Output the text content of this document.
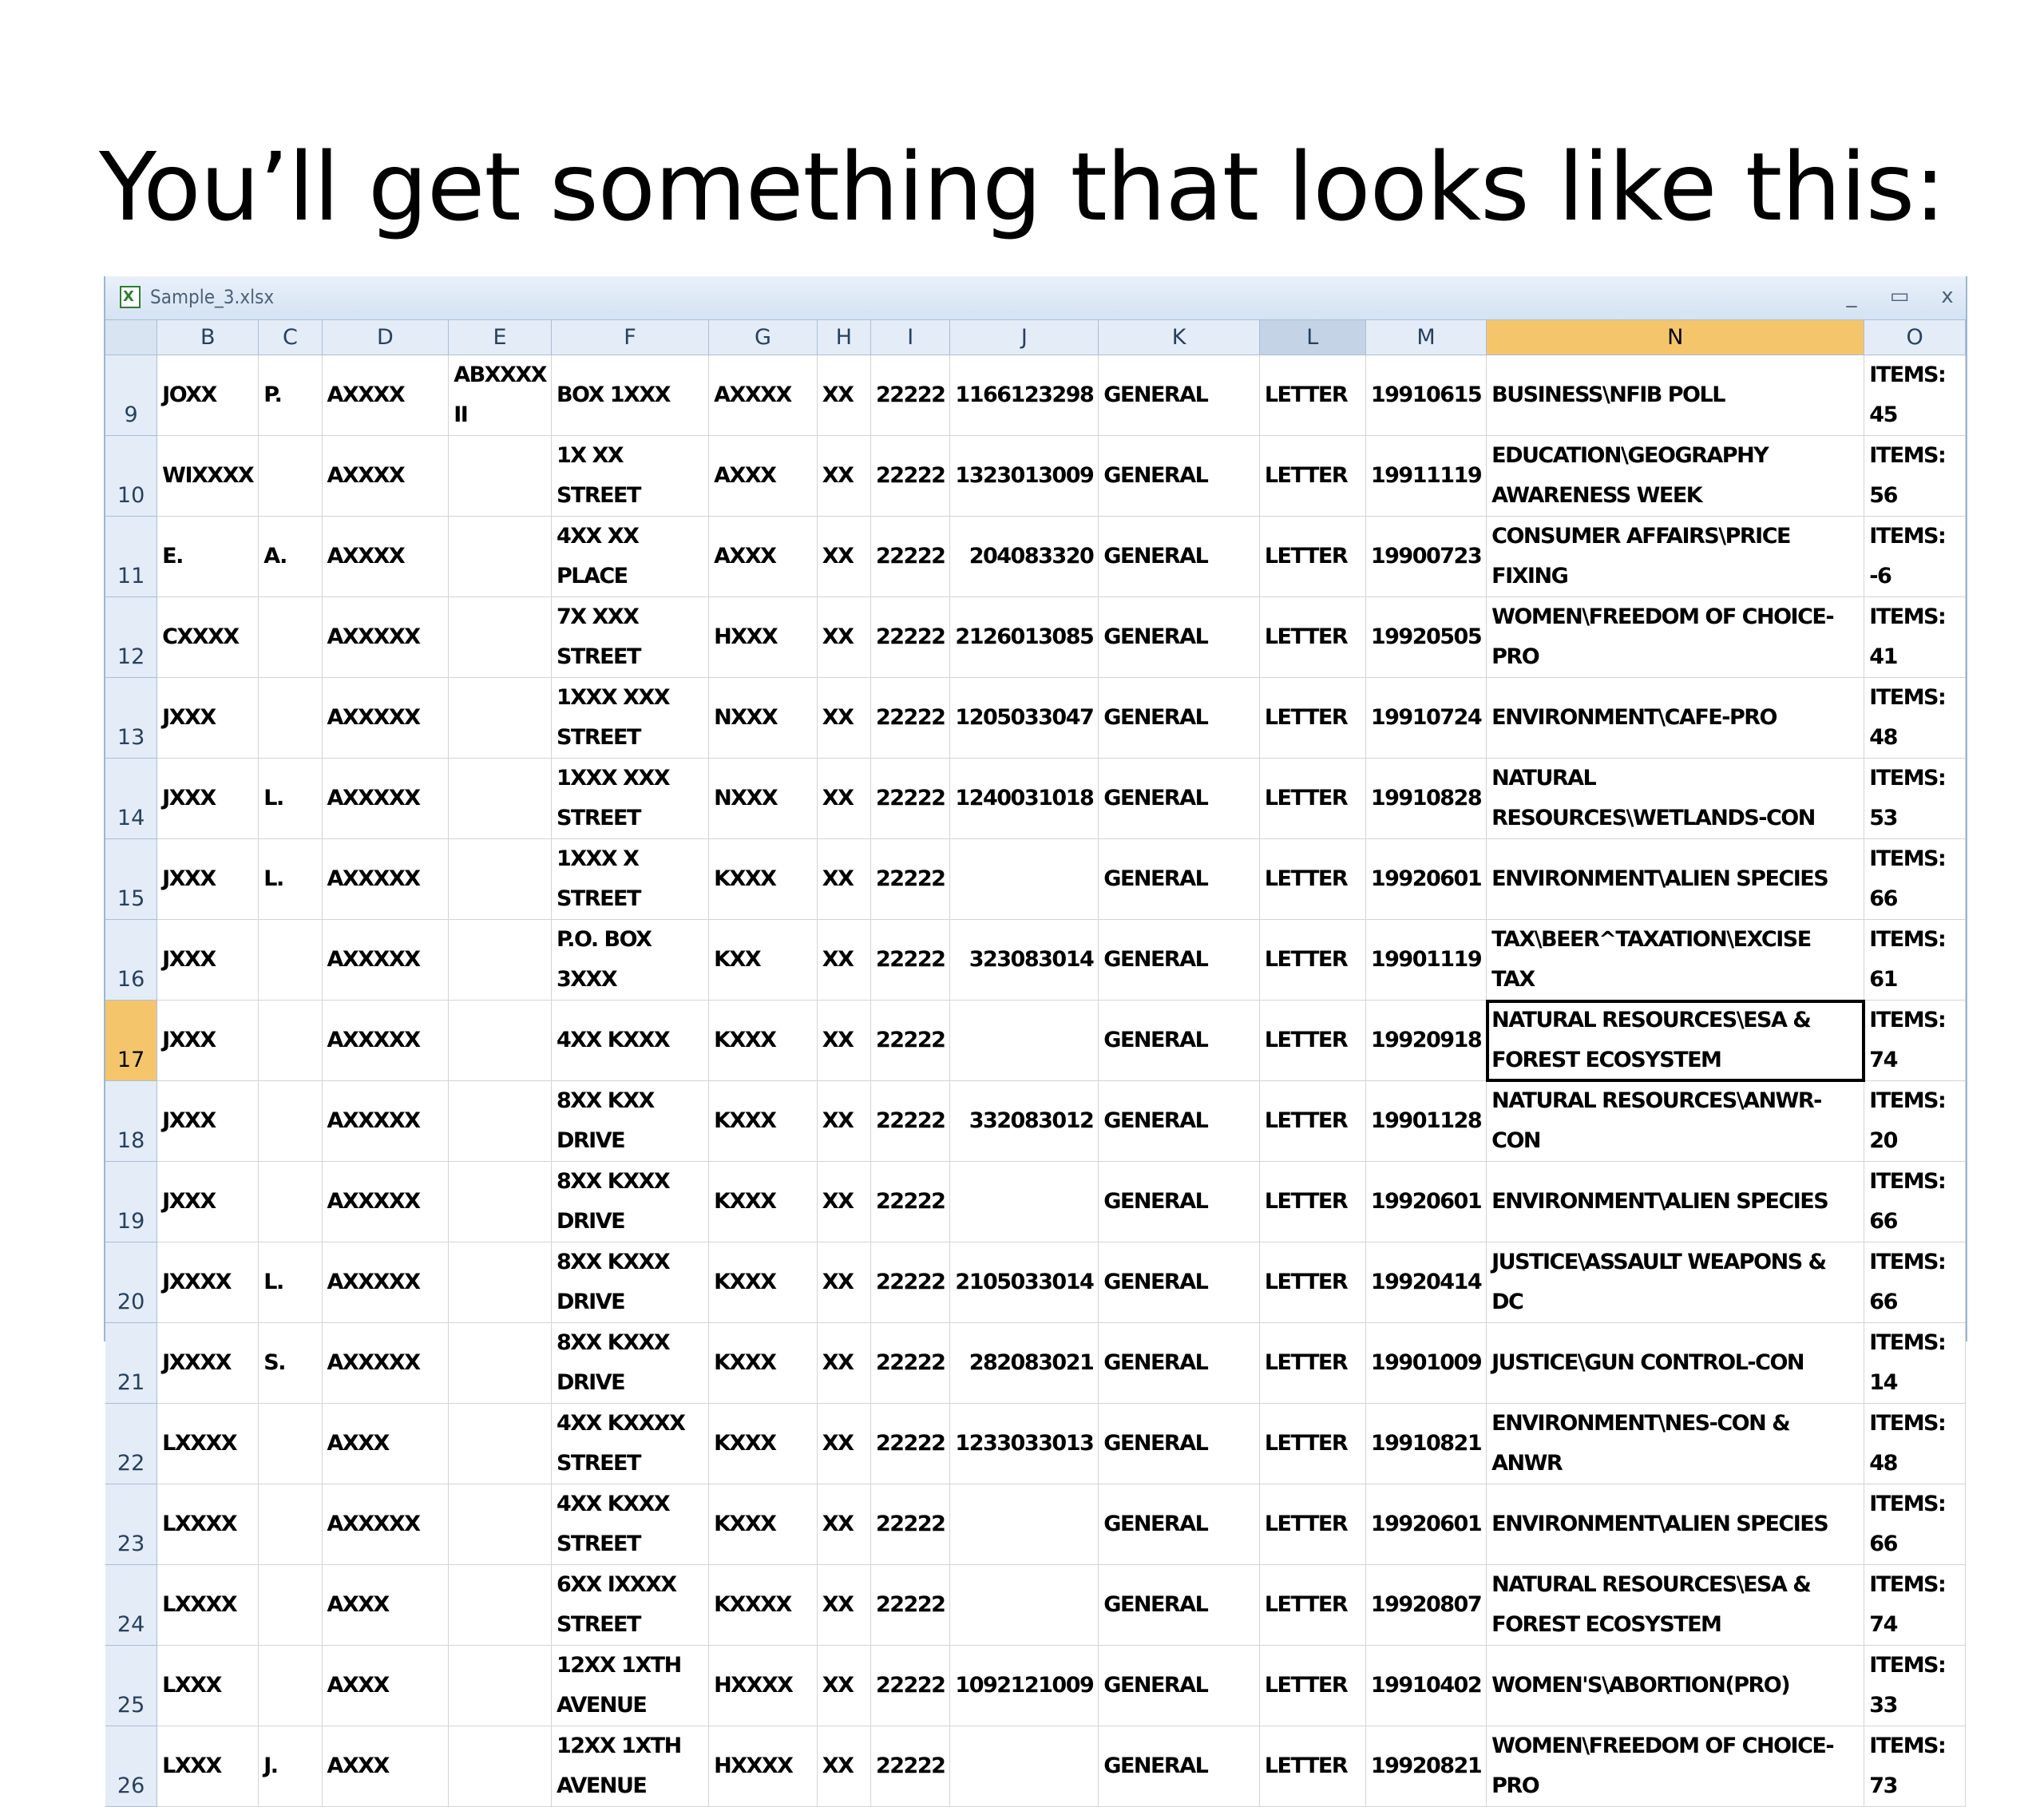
You’ll get something that looks like this:
X
Sample_3.xlsx	_	▭ x
	B	C	D	E	F	G	H	I	J	K	L	M	N	O
9	JOXX	P.	AXXXX	ABXXXX II	BOX 1XXX	AXXXX	XX	22222	1166123298	GENERAL	LETTER	19910615	BUSINESS\NFIB POLL	ITEMS: 45
10	WIXXXX		AXXXX		1X XX STREET	AXXX	XX	22222	1323013009	GENERAL	LETTER	19911119	EDUCATION\GEOGRAPHY AWARENESS WEEK	ITEMS: 56
11	E.	A.	AXXXX		4XX XX PLACE	AXXX	XX	22222	204083320	GENERAL	LETTER	19900723	CONSUMER AFFAIRS\PRICE FIXING	ITEMS: -6
12	CXXXX		AXXXXX		7X XXX STREET	HXXX	XX	22222	2126013085	GENERAL	LETTER	19920505	WOMEN\FREEDOM OF CHOICE-PRO	ITEMS: 41
13	JXXX		AXXXXX		1XXX XXX STREET	NXXX	XX	22222	1205033047	GENERAL	LETTER	19910724	ENVIRONMENT\CAFE-PRO	ITEMS: 48
14	JXXX	L.	AXXXXX		1XXX XXX STREET	NXXX	XX	22222	1240031018	GENERAL	LETTER	19910828	NATURAL RESOURCES\WETLANDS-CON	ITEMS: 53
15	JXXX	L.	AXXXXX		1XXX X STREET	KXXX	XX	22222		GENERAL	LETTER	19920601	ENVIRONMENT\ALIEN SPECIES	ITEMS: 66
16	JXXX		AXXXXX		P.O. BOX 3XXX	KXX	XX	22222	323083014	GENERAL	LETTER	19901119	TAX\BEER^TAXATION\EXCISE TAX	ITEMS: 61
17	JXXX		AXXXXX		4XX KXXX	KXXX	XX	22222		GENERAL	LETTER	19920918	NATURAL RESOURCES\ESA & FOREST ECOSYSTEM	ITEMS: 74
18	JXXX		AXXXXX		8XX KXX DRIVE	KXXX	XX	22222	332083012	GENERAL	LETTER	19901128	NATURAL RESOURCES\ANWR-CON	ITEMS: 20
19	JXXX		AXXXXX		8XX KXXX DRIVE	KXXX	XX	22222		GENERAL	LETTER	19920601	ENVIRONMENT\ALIEN SPECIES	ITEMS: 66
20	JXXXX	L.	AXXXXX		8XX KXXX DRIVE	KXXX	XX	22222	2105033014	GENERAL	LETTER	19920414	JUSTICE\ASSAULT WEAPONS & DC	ITEMS: 66
21	JXXXX	S.	AXXXXX		8XX KXXX DRIVE	KXXX	XX	22222	282083021	GENERAL	LETTER	19901009	JUSTICE\GUN CONTROL-CON	ITEMS: 14
22	LXXXX		AXXX		4XX KXXXX STREET	KXXX	XX	22222	1233033013	GENERAL	LETTER	19910821	ENVIRONMENT\NES-CON & ANWR	ITEMS: 48
23	LXXXX		AXXXXX		4XX KXXX STREET	KXXX	XX	22222		GENERAL	LETTER	19920601	ENVIRONMENT\ALIEN SPECIES	ITEMS: 66
24	LXXXX		AXXX		6XX IXXXX STREET	KXXXX	XX	22222		GENERAL	LETTER	19920807	NATURAL RESOURCES\ESA & FOREST ECOSYSTEM	ITEMS: 74
25	LXXX		AXXX		12XX 1XTH AVENUE	HXXXX	XX	22222	1092121009	GENERAL	LETTER	19910402	WOMEN'S\ABORTION(PRO)	ITEMS: 33
26	LXXX	J.	AXXX		12XX 1XTH AVENUE	HXXXX	XX	22222		GENERAL	LETTER	19920821	WOMEN\FREEDOM OF CHOICE-PRO	ITEMS: 73
